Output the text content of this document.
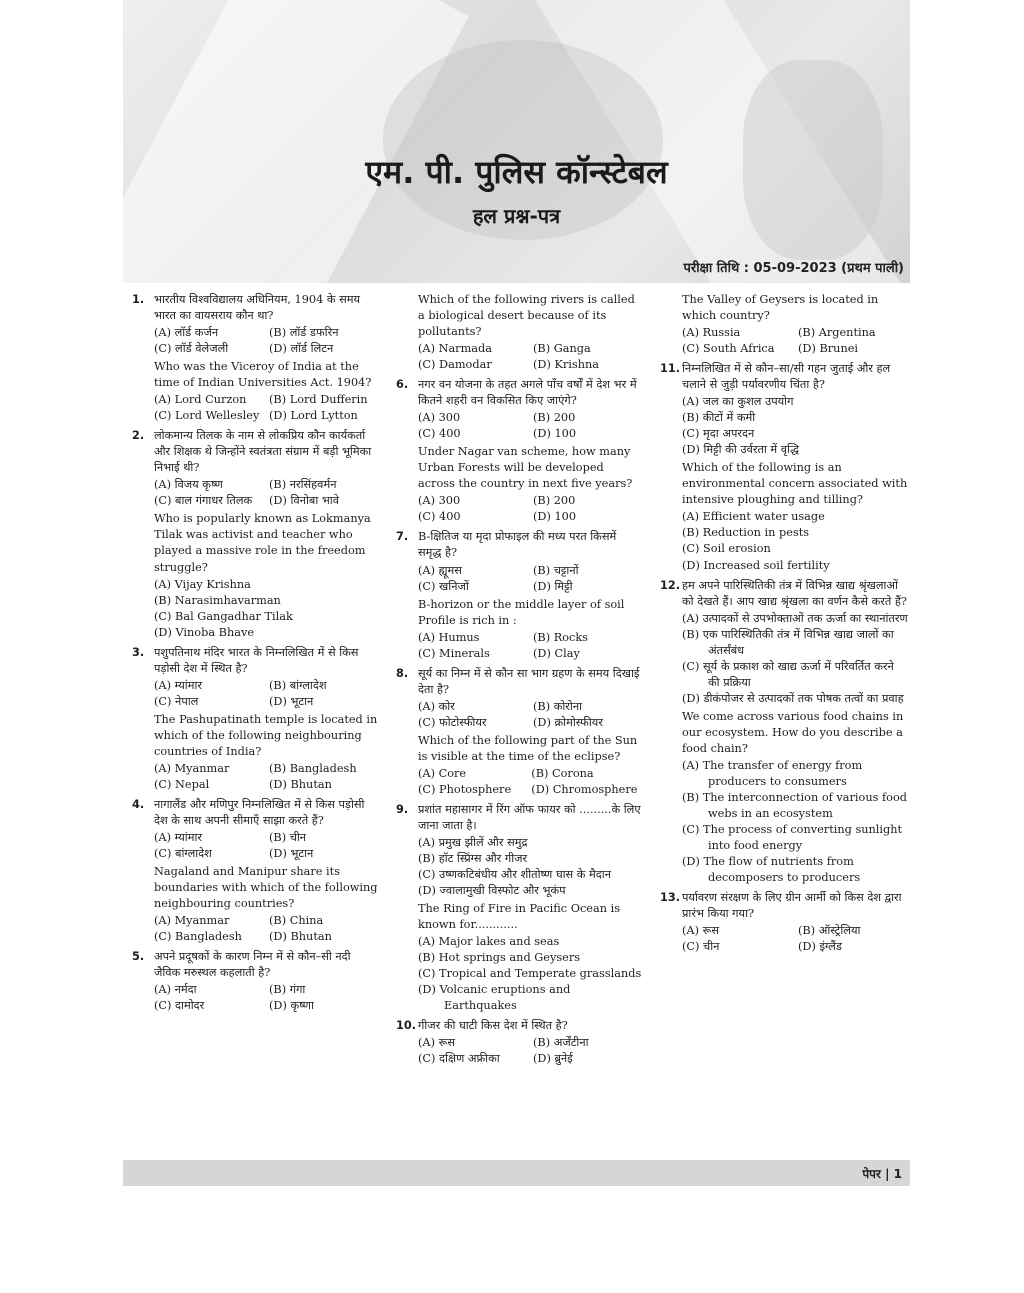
एम. पी. पुलिस कॉन्स्टेबल
हल प्रश्न-पत्र
परीक्षा तिथि : 05-09-2023 (प्रथम पाली)
1. भारतीय विश्वविद्यालय अधिनियम, 1904 के समय भारत का वायसराय कौन था?
(A) लॉर्ड कर्जन	(B) लॉर्ड डफरिन
(C) लॉर्ड वेलेजली	(D) लॉर्ड लिटन
Who was the Viceroy of India at the time of Indian Universities Act. 1904?
(A) Lord Curzon	(B) Lord Dufferin
(C) Lord Wellesley (D) Lord Lytton
2. लोकमान्य तिलक के नाम से लोकप्रिय कौन कार्यकर्ता और शिक्षक थे जिन्होंने स्वतंत्रता संग्राम में बड़ी भूमिका निभाई थी?
(A) विजय कृष्ण	(B) नरसिंहवर्मन
(C) बाल गंगाधर तिलक	(D) विनोबा भावे
Who is popularly known as Lokmanya Tilak was activist and teacher who played a massive role in the freedom struggle?
(A) Vijay Krishna
(B) Narasimhavarman
(C) Bal Gangadhar Tilak
(D) Vinoba Bhave
3. पशुपतिनाथ मंदिर भारत के निम्नलिखित में से किस पड़ोसी देश में स्थित है?
(A) म्यांमार	(B) बांग्लादेश
(C) नेपाल	(D) भूटान
The Pashupatinath temple is located in which of the following neighbouring countries of India?
(A) Myanmar	(B) Bangladesh
(C) Nepal	(D) Bhutan
4. नागालैंड और मणिपुर निम्नलिखित में से किस पड़ोसी देश के साथ अपनी सीमाएँ साझा करते हैं?
(A) म्यांमार	(B) चीन
(C) बांग्लादेश	(D) भूटान
Nagaland and Manipur share its boundaries with which of the following neighbouring countries?
(A) Myanmar	(B) China
(C) Bangladesh	(D) Bhutan
5. अपने प्रदूषकों के कारण निम्न में से कौन–सी नदी जैविक मरुस्थल कहलाती है?
(A) नर्मदा	(B) गंगा
(C) दामोदर	(D) कृष्णा
Which of the following rivers is called a biological desert because of its pollutants?
(A) Narmada	(B) Ganga
(C) Damodar	(D) Krishna
6. नगर वन योजना के तहत अगले पाँच वर्षों में देश भर में कितने शहरी वन विकसित किए जाएंगे?
(A) 300	(B) 200
(C) 400	(D) 100
Under Nagar van scheme, how many Urban Forests will be developed across the country in next five years?
(A) 300	(B) 200
(C) 400	(D) 100
7. B-क्षितिज या मृदा प्रोफाइल की मध्य परत किसमें समृद्ध है?
(A) ह्यूमस	(B) चट्टानों
(C) खनिजों	(D) मिट्टी
B-horizon or the middle layer of soil Profile is rich in :
(A) Humus	(B) Rocks
(C) Minerals	(D) Clay
8. सूर्य का निम्न में से कौन सा भाग ग्रहण के समय दिखाई देता है?
(A) कोर	(B) कोरोना
(C) फोटोस्फीयर	(D) क्रोमोस्फीयर
Which of the following part of the Sun is visible at the time of the eclipse?
(A) Core	(B) Corona
(C) Photosphere	(D) Chromosphere
9. प्रशांत महासागर में रिंग ऑफ फायर को .........के लिए जाना जाता है।
(A) प्रमुख झीलें और समुद्र
(B) हॉट स्प्रिंग्स और गीजर
(C) उष्णकटिबंधीय और शीतोष्ण घास के मैदान
(D) ज्वालामुखी विस्फोट और भूकंप
The Ring of Fire in Pacific Ocean is known for............
(A) Major lakes and seas
(B) Hot springs and Geysers
(C) Tropical and Temperate grasslands
(D) Volcanic eruptions and Earthquakes
10. गीजर की घाटी किस देश में स्थित है?
(A) रूस	(B) अर्जेंटीना
(C) दक्षिण अफ्रीका	(D) ब्रुनेई
The Valley of Geysers is located in which country?
(A) Russia	(B) Argentina
(C) South Africa	(D) Brunei
11. निम्नलिखित में से कौन–सा/सी गहन जुताई और हल चलाने से जुड़ी पर्यावरणीय चिंता है?
(A) जल का कुशल उपयोग
(B) कीटों में कमी
(C) मृदा अपरदन
(D) मिट्टी की उर्वरता में वृद्धि
Which of the following is an environmental concern associated with intensive ploughing and tilling?
(A) Efficient water usage
(B) Reduction in pests
(C) Soil erosion
(D) Increased soil fertility
12. हम अपने पारिस्थितिकी तंत्र में विभिन्न खाद्य श्रृंखलाओं को देखते हैं। आप खाद्य श्रृंखला का वर्णन कैसे करते हैं?
(A) उत्पादकों से उपभोक्ताओं तक ऊर्जा का स्थानांतरण
(B) एक पारिस्थितिकी तंत्र में विभिन्न खाद्य जालों का अंतर्संबंध
(C) सूर्य के प्रकाश को खाद्य ऊर्जा में परिवर्तित करने की प्रक्रिया
(D) डीकंपोजर से उत्पादकों तक पोषक तत्वों का प्रवाह
We come across various food chains in our ecosystem. How do you describe a food chain?
(A) The transfer of energy from producers to consumers
(B) The interconnection of various food webs in an ecosystem
(C) The process of converting sunlight into food energy
(D) The flow of nutrients from decomposers to producers
13. पर्यावरण संरक्षण के लिए ग्रीन आर्मी को किस देश द्वारा प्रारंभ किया गया?
(A) रूस	(B) ऑस्ट्रेलिया
(C) चीन	(D) इंग्लैंड
पेपर | 1
